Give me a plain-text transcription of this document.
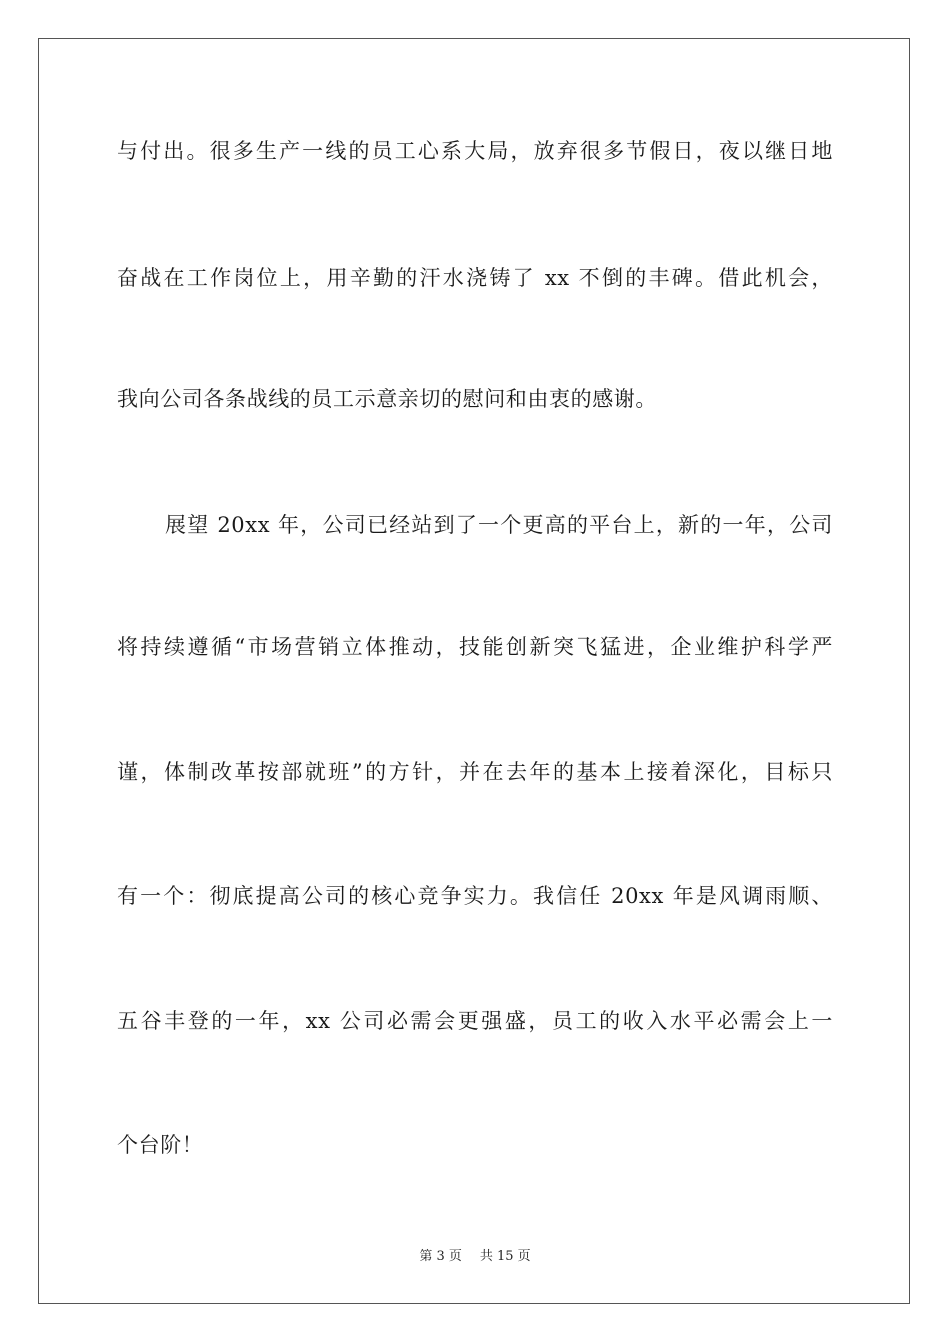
与付出。很多生产一线的员工心系大局，放弃很多节假日，夜以继日地
奋战在工作岗位上，用辛勤的汗水浇铸了 xx 不倒的丰碑。借此机会，
我向公司各条战线的员工示意亲切的慰问和由衷的感谢。
展望 20xx 年，公司已经站到了一个更高的平台上，新的一年，公司
将持续遵循“市场营销立体推动，技能创新突飞猛进，企业维护科学严
谨，体制改革按部就班”的方针，并在去年的基本上接着深化，目标只
有一个：彻底提高公司的核心竞争实力。我信任 20xx 年是风调雨顺、
五谷丰登的一年，xx 公司必需会更强盛，员工的收入水平必需会上一
个台阶！
第 3 页 共 15 页
